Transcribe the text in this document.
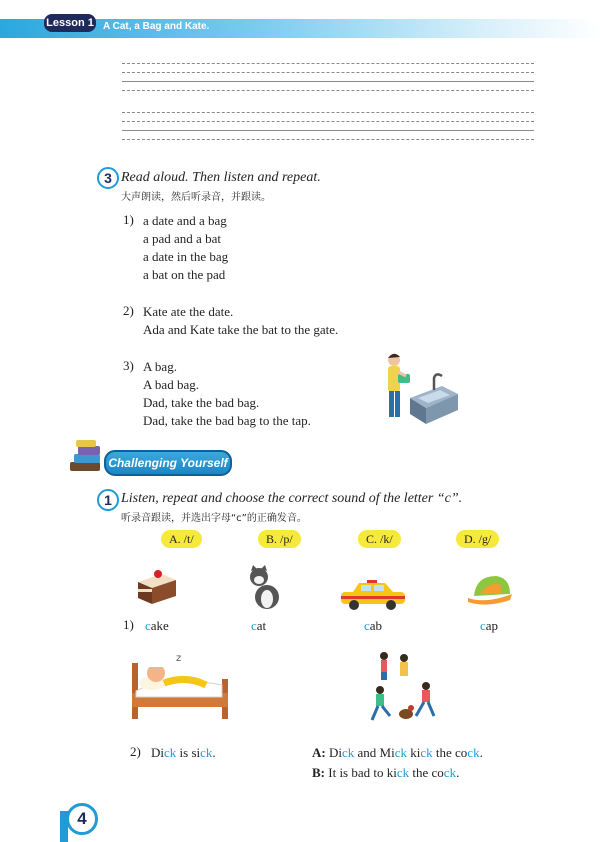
Lesson 1 A Cat, a Bag and Kate.
3 Read aloud. Then listen and repeat.
大声朗读，然后听录音，并跟读。
1) a date and a bag
a pad and a bat
a date in the bag
a bat on the pad
2) Kate ate the date.
Ada and Kate take the bat to the gate.
3) A bag.
A bad bag.
Dad, take the bad bag.
Dad, take the bad bag to the tap.
Challenging Yourself
1 Listen, repeat and choose the correct sound of the letter “c”.
听录音跟读，并选出字母“c”的正确发音。
A. /t/	B. /p/	C. /k/	D. /g/
1) cake	cat	cab	cap
z
2) Dick is sick.	A: Dick and Mick kick the cock.
B: It is bad to kick the cock.
4
